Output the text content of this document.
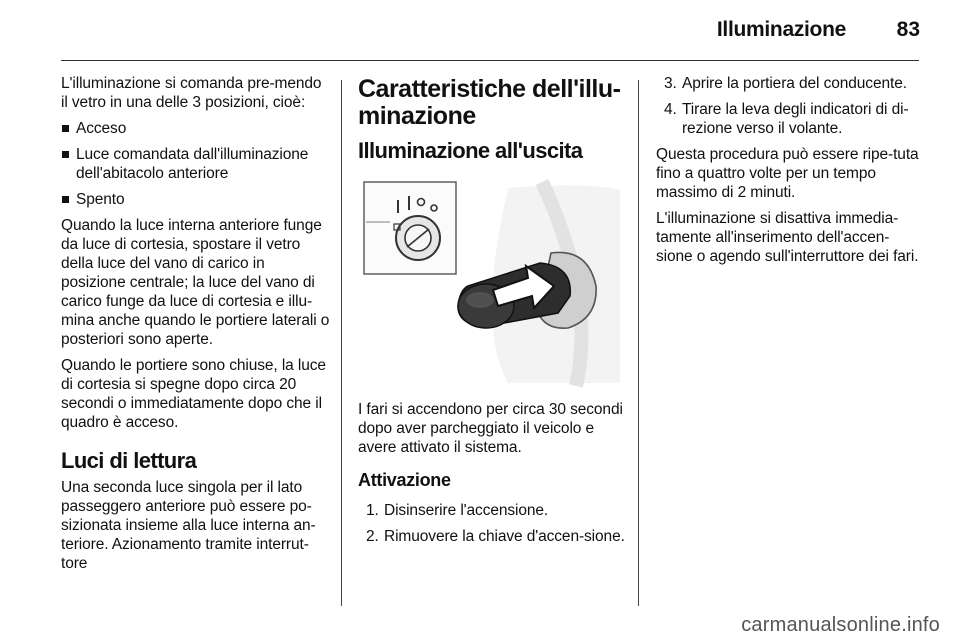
Illuminazione	83

L'illuminazione si comanda pre-mendo il vetro in una delle 3 posizioni, cioè:

Acceso
Luce comandata dall'illuminazione dell'abitacolo anteriore
Spento

Quando la luce interna anteriore funge da luce di cortesia, spostare il vetro della luce del vano di carico in posizione centrale; la luce del vano di carico funge da luce di cortesia e illu-mina anche quando le portiere laterali o posteriori sono aperte.

Quando le portiere sono chiuse, la luce di cortesia si spegne dopo circa 20 secondi o immediatamente dopo che il quadro è acceso.

Luci di lettura

Una seconda luce singola per il lato passeggero anteriore può essere po-sizionata insieme alla luce interna an-teriore. Azionamento tramite interrut-tore

Caratteristiche dell'illu-minazione
Illuminazione all'uscita

I fari si accendono per circa 30 secondi dopo aver parcheggiato il veicolo e avere attivato il sistema.

Attivazione
1. Disinserire l'accensione.
2. Rimuovere la chiave d'accen-sione.
3. Aprire la portiera del conducente.
4. Tirare la leva degli indicatori di di-rezione verso il volante.

Questa procedura può essere ripe-tuta fino a quattro volte per un tempo massimo di 2 minuti.

L'illuminazione si disattiva immedia-tamente all'inserimento dell'accen-sione o agendo sull'interruttore dei fari.

carmanualsonline.info
